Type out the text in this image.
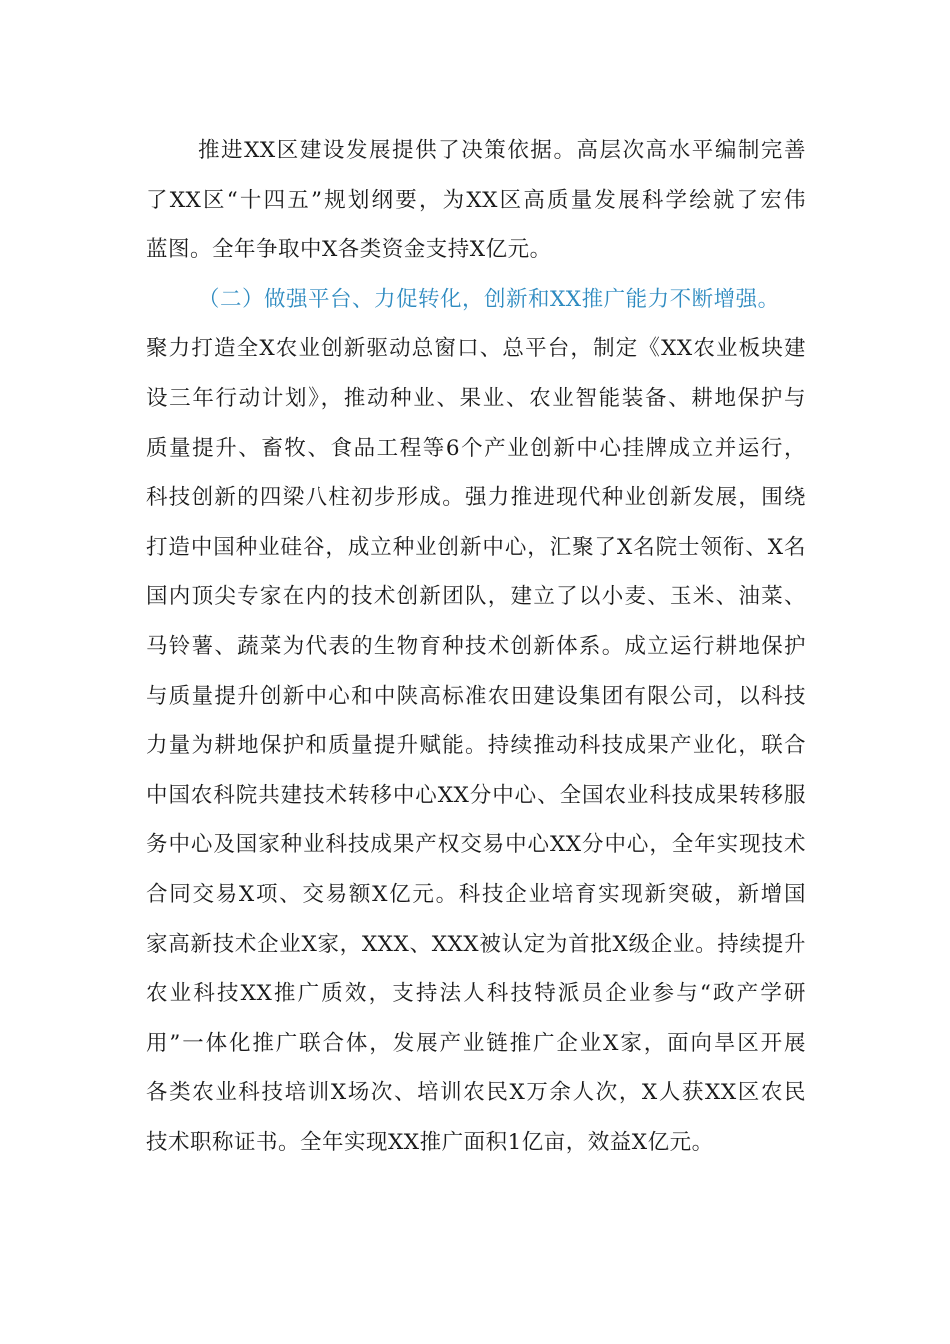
推进XX区建设发展提供了决策依据。高层次高水平编制完善
了XX区“十四五”规划纲要，为XX区高质量发展科学绘就了宏伟
蓝图。全年争取中X各类资金支持X亿元。
（二）做强平台、力促转化，创新和XX推广能力不断增强。
聚力打造全X农业创新驱动总窗口、总平台，制定《XX农业板块建
设三年行动计划》，推动种业、果业、农业智能装备、耕地保护与
质量提升、畜牧、食品工程等6个产业创新中心挂牌成立并运行，
科技创新的四梁八柱初步形成。强力推进现代种业创新发展，围绕
打造中国种业硅谷，成立种业创新中心，汇聚了X名院士领衔、X名
国内顶尖专家在内的技术创新团队，建立了以小麦、玉米、油菜、
马铃薯、蔬菜为代表的生物育种技术创新体系。成立运行耕地保护
与质量提升创新中心和中陕高标准农田建设集团有限公司，以科技
力量为耕地保护和质量提升赋能。持续推动科技成果产业化，联合
中国农科院共建技术转移中心XX分中心、全国农业科技成果转移服
务中心及国家种业科技成果产权交易中心XX分中心，全年实现技术
合同交易X项、交易额X亿元。科技企业培育实现新突破，新增国
家高新技术企业X家，XXX、XXX被认定为首批X级企业。持续提升
农业科技XX推广质效，支持法人科技特派员企业参与“政产学研
用”一体化推广联合体，发展产业链推广企业X家，面向旱区开展
各类农业科技培训X场次、培训农民X万余人次，X人获XX区农民
技术职称证书。全年实现XX推广面积1亿亩，效益X亿元。
